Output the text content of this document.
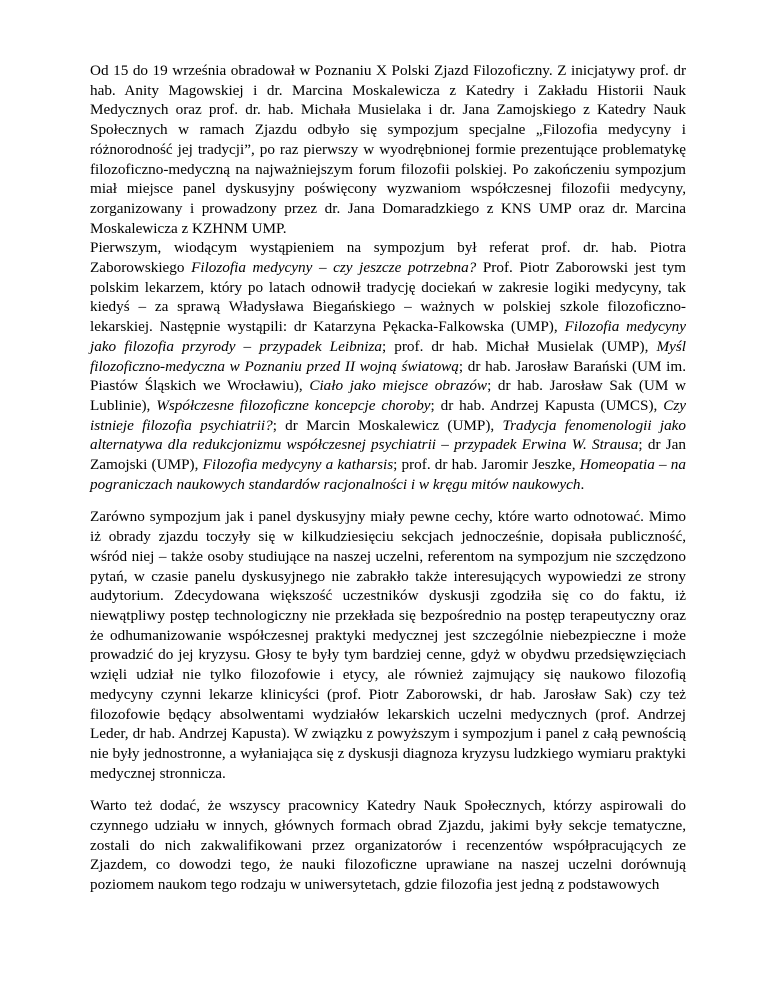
Od 15 do 19 września obradował w Poznaniu X Polski Zjazd Filozoficzny. Z inicjatywy prof. dr hab. Anity Magowskiej i dr. Marcina Moskalewicza z Katedry i Zakładu Historii Nauk Medycznych oraz prof. dr. hab. Michała Musielaka i dr. Jana Zamojskiego z Katedry Nauk Społecznych w ramach Zjazdu odbyło się sympozjum specjalne „Filozofia medycyny i różnorodność jej tradycji”, po raz pierwszy w wyodrębnionej formie prezentujące problematykę filozoficzno-medyczną na najważniejszym forum filozofii polskiej. Po zakończeniu sympozjum miał miejsce panel dyskusyjny poświęcony wyzwaniom współczesnej filozofii medycyny, zorganizowany i prowadzony przez dr. Jana Domaradzkiego z KNS UMP oraz dr. Marcina Moskalewicza z KZHNM UMP.

Pierwszym, wiodącym wystąpieniem na sympozjum był referat prof. dr. hab. Piotra Zaborowskiego Filozofia medycyny – czy jeszcze potrzebna? Prof. Piotr Zaborowski jest tym polskim lekarzem, który po latach odnowił tradycję dociekań w zakresie logiki medycyny, tak kiedyś – za sprawą Władysława Biegańskiego – ważnych w polskiej szkole filozoficzno-lekarskiej. Następnie wystąpili: dr Katarzyna Pękacka-Falkowska (UMP), Filozofia medycyny jako filozofia przyrody – przypadek Leibniza; prof. dr hab. Michał Musielak (UMP), Myśl filozoficzno-medyczna w Poznaniu przed II wojną światową; dr hab. Jarosław Barański (UM im. Piastów Śląskich we Wrocławiu), Ciało jako miejsce obrazów; dr hab. Jarosław Sak (UM w Lublinie), Współczesne filozoficzne koncepcje choroby; dr hab. Andrzej Kapusta (UMCS), Czy istnieje filozofia psychiatrii?; dr Marcin Moskalewicz (UMP), Tradycja fenomenologii jako alternatywa dla redukcjonizmu współczesnej psychiatrii – przypadek Erwina W. Strausa; dr Jan Zamojski (UMP), Filozofia medycyny a katharsis; prof. dr hab. Jaromir Jeszke, Homeopatia – na pograniczach naukowych standardów racjonalności i w kręgu mitów naukowych.

Zarówno sympozjum jak i panel dyskusyjny miały pewne cechy, które warto odnotować. Mimo iż obrady zjazdu toczyły się w kilkudziesięciu sekcjach jednocześnie, dopisała publiczność, wśród niej – także osoby studiujące na naszej uczelni, referentom na sympozjum nie szczędzono pytań, w czasie panelu dyskusyjnego nie zabrakło także interesujących wypowiedzi ze strony audytorium. Zdecydowana większość uczestników dyskusji zgodziła się co do faktu, iż niewątpliwy postęp technologiczny nie przekłada się bezpośrednio na postęp terapeutyczny oraz że odhumanizowanie współczesnej praktyki medycznej jest szczególnie niebezpieczne i może prowadzić do jej kryzysu. Głosy te były tym bardziej cenne, gdyż w obydwu przedsięwzięciach wzięli udział nie tylko filozofowie i etycy, ale również zajmujący się naukowo filozofią medycyny czynni lekarze klinicyści (prof. Piotr Zaborowski, dr hab. Jarosław Sak) czy też filozofowie będący absolwentami wydziałów lekarskich uczelni medycznych (prof. Andrzej Leder, dr hab. Andrzej Kapusta). W związku z powyższym i sympozjum i panel z całą pewnością nie były jednostronne, a wyłaniająca się z dyskusji diagnoza kryzysu ludzkiego wymiaru praktyki medycznej stronnicza.

Warto też dodać, że wszyscy pracownicy Katedry Nauk Społecznych, którzy aspirowali do czynnego udziału w innych, głównych formach obrad Zjazdu, jakimi były sekcje tematyczne, zostali do nich zakwalifikowani przez organizatorów i recenzentów współpracujących ze Zjazdem, co dowodzi tego, że nauki filozoficzne uprawiane na naszej uczelni dorównują poziomem naukom tego rodzaju w uniwersytetach, gdzie filozofia jest jedną z podstawowych
